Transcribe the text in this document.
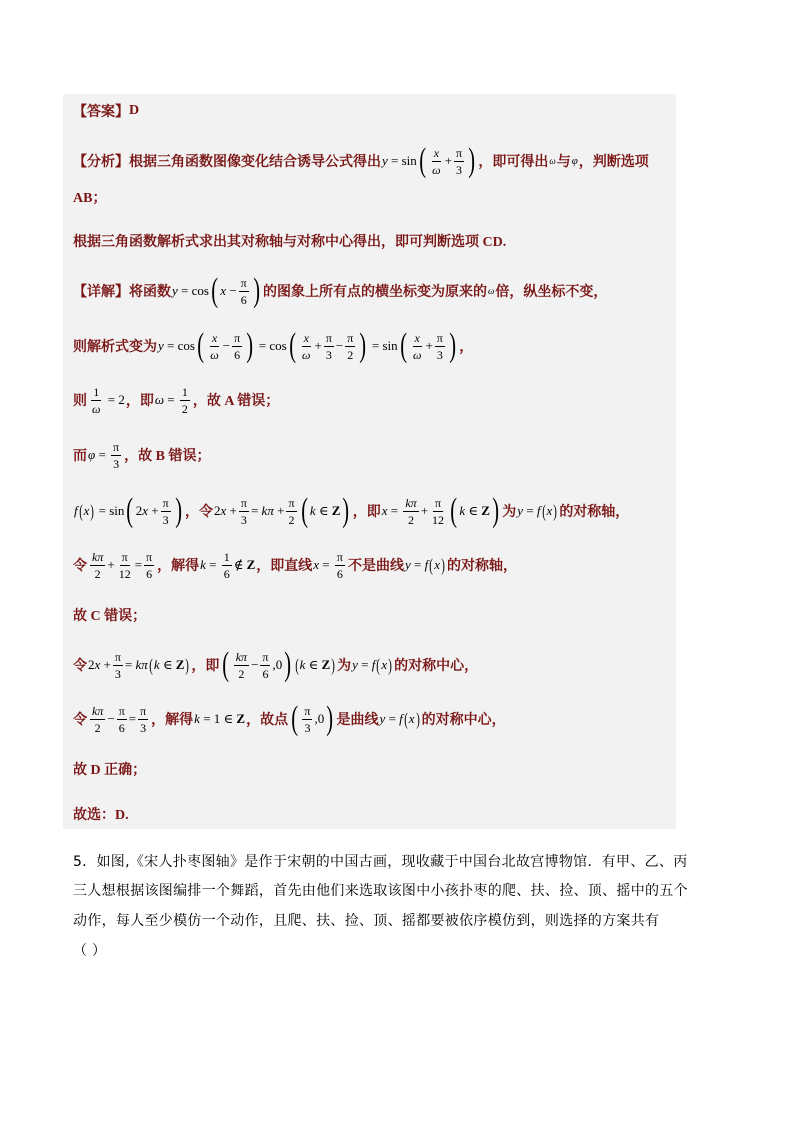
【答案】 D
【分析】 根据三角函数图像变化结合诱导公式得出 y = sin ( $\frac{x}{\omega} + \frac{\pi}{3}$ ) ，即可得出 ω 与 φ ，判断选项
AB；
根据三角函数解析式求出其对称轴与对称中心得出，即可判断选项 CD.
【详解】 将函数 y = cos ( $x - \frac{\pi}{6}$ ) 的图象上所有点的横坐标变为原来的 ω 倍，纵坐标不变，
则解析式变为 y = cos ( $\frac{x}{\omega} - \frac{\pi}{6}$ ) = cos ( $\frac{x}{\omega} + \frac{\pi}{3} - \frac{\pi}{2}$ ) = sin ( $\frac{x}{\omega} + \frac{\pi}{3}$ ) ，
则 $\frac{1}{\omega} = 2$ ，即 $\omega = \frac{1}{2}$ ，故 A 错误；
而 $\varphi = \frac{\pi}{3}$ ，故 B 错误；
f ( x ) = sin ( 2 $x + \frac{\pi}{3}$ ) ，令 2 $x + \frac{\pi}{3} = k\pi + \frac{\pi}{2}$ ( k ∈ Z ) ，即 $x = \frac{k\pi}{2} + \frac{\pi}{12}$ ( k ∈ Z ) 为 y = f ( x ) 的对称轴，
令 $\frac{k\pi}{2} + \frac{\pi}{12} = \frac{\pi}{6}$ ，解得 $k = \frac{1}{6}$ ∉ Z ，即直线 $x = \frac{\pi}{6}$ 不是曲线 y = f ( x ) 的对称轴，
故 C 错误；
令 2 $x + \frac{\pi}{3} = k\pi$ ( k ∈ Z ) ，即 ( $\frac{k\pi}{2} - \frac{\pi}{6} ,0$ ) ( k ∈ Z ) 为 y = f ( x ) 的对称中心，
令 $\frac{k\pi}{2} - \frac{\pi}{6} = \frac{\pi}{3}$ ，解得 k = 1 ∈ Z ，故点 ( $\frac{\pi}{3} ,0$ ) 是曲线 y = f ( x ) 的对称中心，
故 D 正确；
故选：D.
5．如图,《宋人扑枣图轴》是作于宋朝的中国古画，现收藏于中国台北故宫博物馆．有甲、乙、丙
三人想根据该图编排一个舞蹈，首先由他们来选取该图中小孩扑枣的爬、扶、捡、顶、摇中的五个
动作，每人至少模仿一个动作，且爬、扶、捡、顶、摇都要被依序模仿到，则选择的方案共有
（ ）
